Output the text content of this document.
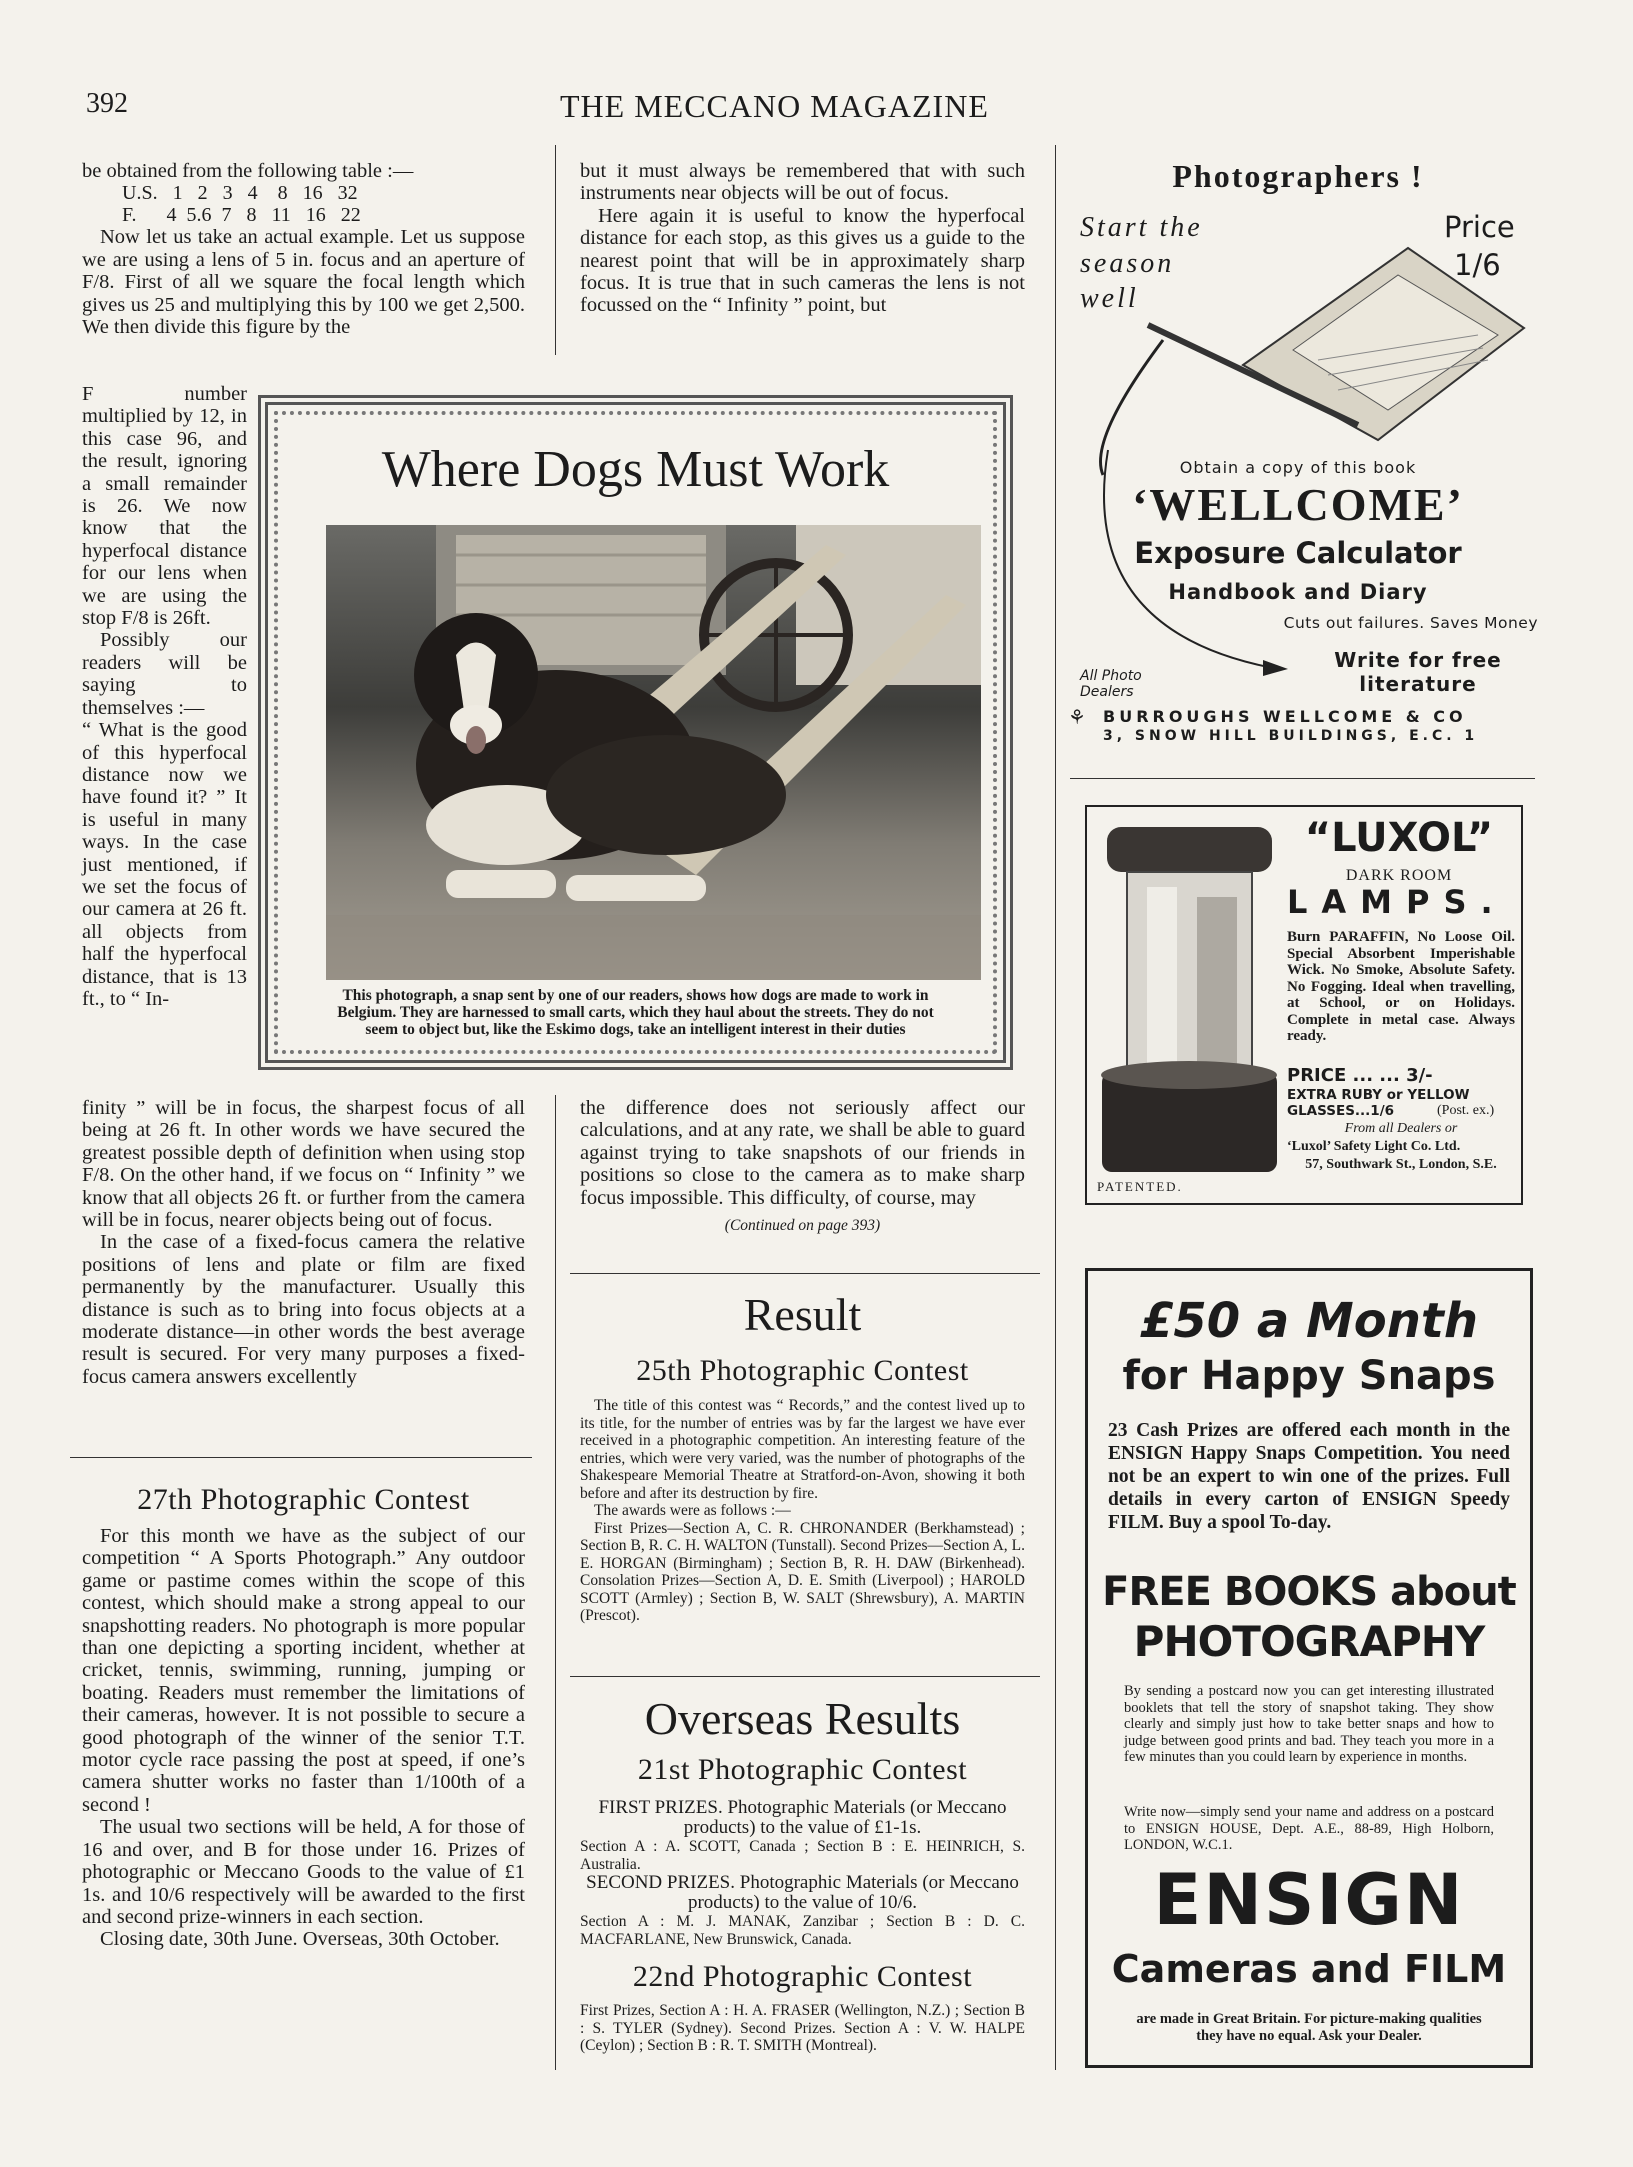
392	THE MECCANO MAGAZINE

be obtained from the following table :—

U.S.   1   2   3   4    8   16   32
F.      4  5.6  7   8   11   16   22

Now let us take an actual example. Let us suppose we are using a lens of 5 in. focus and an aperture of F/8. First of all we square the focal length which gives us 25 and multiplying this by 100 we get 2,500. We then divide this figure by the

F number multiplied by 12, in this case 96, and the result, ignoring a small remainder is 26. We now know that the hyperfocal distance for our lens when we are using the stop F/8 is 26ft.

Possibly our readers will be saying to themselves :—

“ What is the good of this hyperfocal distance now we have found it? ” It is useful in many ways. In the case just mentioned, if we set the focus of our camera at 26 ft. all objects from half the hyperfocal distance, that is 13 ft., to “ In-

finity ” will be in focus, the sharpest focus of all being at 26 ft. In other words we have secured the greatest possible depth of definition when using stop F/8. On the other hand, if we focus on “ Infinity ” we know that all objects 26 ft. or further from the camera will be in focus, nearer objects being out of focus.

In the case of a fixed-focus camera the relative positions of lens and plate or film are fixed permanently by the manufacturer. Usually this distance is such as to bring into focus objects at a moderate distance—in other words the best average result is secured. For very many purposes a fixed-focus camera answers excellently

27th Photographic Contest

For this month we have as the subject of our competition “ A Sports Photograph.” Any outdoor game or pastime comes within the scope of this contest, which should make a strong appeal to our snapshotting readers. No photograph is more popular than one depicting a sporting incident, whether at cricket, tennis, swimming, running, jumping or boating. Readers must remember the limitations of their cameras, however. It is not possible to secure a good photograph of the winner of the senior T.T. motor cycle race passing the post at speed, if one’s camera shutter works no faster than 1/100th of a second !

The usual two sections will be held, A for those of 16 and over, and B for those under 16. Prizes of photographic or Meccano Goods to the value of £1 1s. and 10/6 respectively will be awarded to the first and second prize-winners in each section.

Closing date, 30th June. Overseas, 30th October.

but it must always be remembered that with such instruments near objects will be out of focus.

Here again it is useful to know the hyperfocal distance for each stop, as this gives us a guide to the nearest point that will be in approximately sharp focus. It is true that in such cameras the lens is not focussed on the “ Infinity ” point, but

Where Dogs Must Work
This photograph, a snap sent by one of our readers, shows how dogs are made to work in Belgium. They are harnessed to small carts, which they haul about the streets. They do not seem to object but, like the Eskimo dogs, take an intelligent interest in their duties

the difference does not seriously affect our calculations, and at any rate, we shall be able to guard against trying to take snapshots of our friends in positions so close to the camera as to make sharp focus impossible. This difficulty, of course, may

(Continued on page 393)

Result
25th Photographic Contest

The title of this contest was “ Records,” and the contest lived up to its title, for the number of entries was by far the largest we have ever received in a photographic competition. An interesting feature of the entries, which were very varied, was the number of photographs of the Shakespeare Memorial Theatre at Stratford-on-Avon, showing it both before and after its destruction by fire.

The awards were as follows :—

First Prizes—Section A, C. R. CHRONANDER (Berkhamstead) ; Section B, R. C. H. WALTON (Tunstall). Second Prizes—Section A, L. E. HORGAN (Birmingham) ; Section B, R. H. DAW (Birkenhead). Consolation Prizes—Section A, D. E. Smith (Liverpool) ; HAROLD SCOTT (Armley) ; Section B, W. SALT (Shrewsbury), A. MARTIN (Prescot).

Overseas Results
21st Photographic Contest

FIRST PRIZES. Photographic Materials (or Meccano products) to the value of £1-1s.

Section A : A. SCOTT, Canada ; Section B : E. HEINRICH, S. Australia.

SECOND PRIZES. Photographic Materials (or Meccano products) to the value of 10/6.

Section A : M. J. MANAK, Zanzibar ; Section B : D. C. MACFARLANE, New Brunswick, Canada.

22nd Photographic Contest
First Prizes, Section A : H. A. FRASER (Wellington, N.Z.) ; Section B : S. TYLER (Sydney). Second Prizes. Section A : V. W. HALPE (Ceylon) ; Section B : R. T. SMITH (Montreal).
Photographers !
Start the
season
well
Price
1/6
Obtain a copy of this book
‘WELLCOME’
Exposure Calculator
Handbook and Diary
Cuts out failures. Saves Money
All Photo Dealers
Write for free literature
⚘ BURROUGHS WELLCOME & CO
3, SNOW HILL BUILDINGS, E.C. 1
PATENTED.
“LUXOL”
DARK ROOM
LAMPS.
Burn PARAFFIN, No Loose Oil. Special Absorbent Imperishable Wick. No Smoke, Absolute Safety. No Fogging. Ideal when travelling, at School, or on Holidays. Complete in metal case. Always ready.
PRICE ... ... 3/-
EXTRA RUBY or YELLOW GLASSES...1/6	(Post. ex.)
From all Dealers or
‘Luxol’ Safety Light Co. Ltd.
57, Southwark St., London, S.E.
£50 a Month
for Happy Snaps
23 Cash Prizes are offered each month in the ENSIGN Happy Snaps Competition. You need not be an expert to win one of the prizes. Full details in every carton of ENSIGN Speedy FILM. Buy a spool To-day.
FREE BOOKS about
PHOTOGRAPHY
By sending a postcard now you can get interesting illustrated booklets that tell the story of snapshot taking. They show clearly and simply just how to take better snaps and how to judge between good prints and bad. They teach you more in a few minutes than you could learn by experience in months.
Write now—simply send your name and address on a postcard to ENSIGN HOUSE, Dept. A.E., 88-89, High Holborn, LONDON, W.C.1.
ENSIGN
Cameras and FILM
are made in Great Britain. For picture-making qualities they have no equal. Ask your Dealer.
